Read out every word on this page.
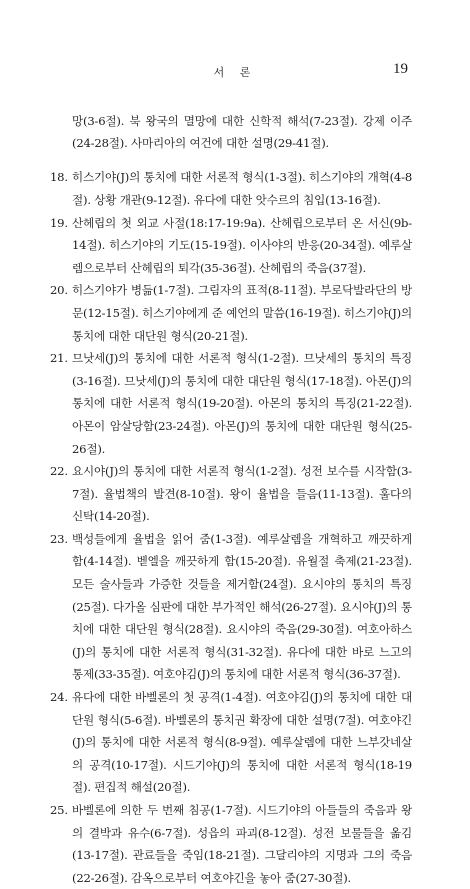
서 론	19

망(3-6절). 북 왕국의 멸망에 대한 신학적 해석(7-23절). 강제 이주(24-28절). 사마리아의 여건에 대한 설명(29-41절).

18. 히스기야(J)의 통치에 대한 서론적 형식(1-3절). 히스기야의 개혁(4-8절). 상황 개관(9-12절). 유다에 대한 앗수르의 침입(13-16절).

19. 산헤립의 첫 외교 사절(18:17-19:9a). 산헤립으로부터 온 서신(9b-14절). 히스기야의 기도(15-19절). 이사야의 반응(20-34절). 예루살렘으로부터 산헤립의 퇴각(35-36절). 산헤립의 죽음(37절).

20. 히스기야가 병듦(1-7절). 그림자의 표적(8-11절). 부로닥발라단의 방문(12-15절). 히스기야에게 준 예언의 말씀(16-19절). 히스기야(J)의 통치에 대한 대단원 형식(20-21절).

21. 므낫세(J)의 통치에 대한 서론적 형식(1-2절). 므낫세의 통치의 특징(3-16절). 므낫세(J)의 통치에 대한 대단원 형식(17-18절). 아몬(J)의 통치에 대한 서론적 형식(19-20절). 아몬의 통치의 특징(21-22절). 아몬이 암살당함(23-24절). 아몬(J)의 통치에 대한 대단원 형식(25-26절).

22. 요시야(J)의 통치에 대한 서론적 형식(1-2절). 성전 보수를 시작함(3-7절). 율법책의 발견(8-10절). 왕이 율법을 들음(11-13절). 훌다의 신탁(14-20절).

23. 백성들에게 율법을 읽어 줌(1-3절). 예루살렘을 개혁하고 깨끗하게 함(4-14절). 벧엘을 깨끗하게 함(15-20절). 유월절 축제(21-23절). 모든 술사들과 가증한 것들을 제거함(24절). 요시야의 통치의 특징(25절). 다가올 심판에 대한 부가적인 해석(26-27절). 요시야(J)의 통치에 대한 대단원 형식(28절). 요시야의 죽음(29-30절). 여호아하스(J)의 통치에 대한 서론적 형식(31-32절). 유다에 대한 바로 느고의 통제(33-35절). 여호야김(J)의 통치에 대한 서론적 형식(36-37절).

24. 유다에 대한 바벨론의 첫 공격(1-4절). 여호야김(J)의 통치에 대한 대단원 형식(5-6절). 바벨론의 통치권 확장에 대한 설명(7절). 여호야긴(J)의 통치에 대한 서론적 형식(8-9절). 예루살렘에 대한 느부갓네살의 공격(10-17절). 시드기야(J)의 통치에 대한 서론적 형식(18-19절). 편집적 해설(20절).

25. 바벨론에 의한 두 번째 침공(1-7절). 시드기야의 아들들의 죽음과 왕의 결박과 유수(6-7절). 성읍의 파괴(8-12절). 성전 보물들을 옮김(13-17절). 관료들을 죽임(18-21절). 그달리야의 지명과 그의 죽음(22-26절). 감옥으로부터 여호야긴을 놓아 줌(27-30절).
